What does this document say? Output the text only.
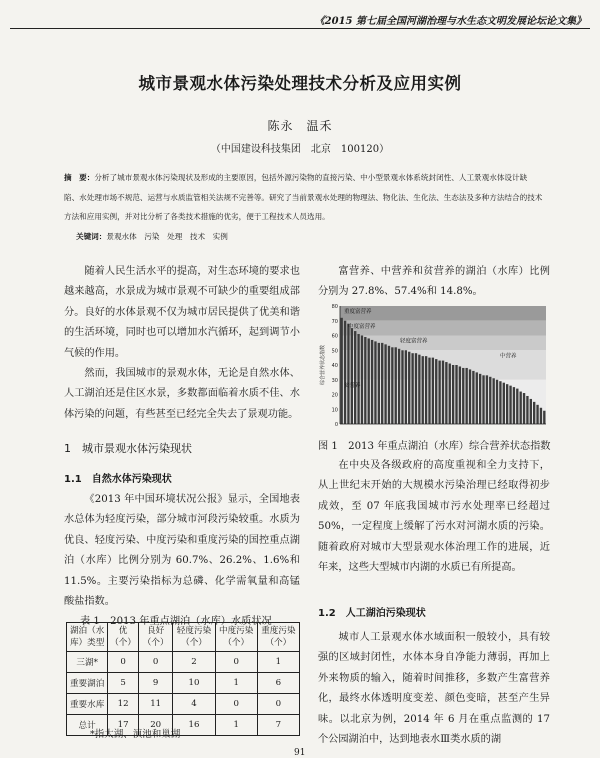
《2015 第七届全国河湖治理与水生态文明发展论坛论文集》
城市景观水体污染处理技术分析及应用实例
陈永　温禾
（中国建设科技集团　北京　100120）
摘　要：分析了城市景观水体污染现状及形成的主要原因，包括外源污染物的直接污染、中小型景观水体系统封闭性、人工景观水体设计缺
陷、水处理市场不规范、运营与水质监管相关法规不完善等。研究了当前景观水处理的物理法、物化法、生化法、生态法及多种方法结合的技术
方法和应用实例，并对比分析了各类技术措施的优劣，便于工程技术人员选用。
关键词：景观水体　污染　处理　技术　实例

随着人民生活水平的提高，对生态环境的要求也越来越高，水景成为城市景观不可缺少的重要组成部分。良好的水体景观不仅为城市居民提供了优美和谐的生活环境，同时也可以增加水汽循环，起到调节小气候的作用。

然而，我国城市的景观水体，无论是自然水体、人工湖泊还是住区水景，多数都面临着水质不佳、水体污染的问题，有些甚至已经完全失去了景观功能。

1　城市景观水体污染现状
1.1　自然水体污染现状

《2013 年中国环境状况公报》显示，全国地表水总体为轻度污染，部分城市河段污染较重。水质为优良、轻度污染、中度污染和重度污染的国控重点湖泊（水库）比例分别为 60.7%、26.2%、1.6%和 11.5%。主要污染指标为总磷、化学需氧量和高锰酸盐指数。

表 1　2013 年重点湖泊（水库）水质状况
湖泊（水库）类型	优（个）	良好（个）	轻度污染（个）	中度污染（个）	重度污染（个）
三湖*	0	0	2	0	1
重要湖泊	5	9	10	1	6
重要水库	12	11	4	0	0
总计	17	20	16	1	7
*指太湖、滇池和巢湖

富营养、中营养和贫营养的湖泊（水库）比例分别为 27.8%、57.4%和 14.8%。

0
10
20
30
40
50
60
70
80
综合营养状态指数
重度富营养
中度富营养
轻度富营养
中营养
贫营养
图 1　2013 年重点湖泊（水库）综合营养状态指数

在中央及各级政府的高度重视和全力支持下，从上世纪末开始的大规模水污染治理已经取得初步成效，至 07 年底我国城市污水处理率已经超过 50%，一定程度上缓解了污水对河湖水质的污染。随着政府对城市大型景观水体治理工作的进展，近年来，这些大型城市内湖的水质已有所提高。

1.2　人工湖泊污染现状

城市人工景观水体水域面积一般较小，具有较强的区域封闭性，水体本身自净能力薄弱，再加上外来物质的输入，随着时间推移，多数产生富营养化，最终水体透明度变差、颜色变暗，甚至产生异味。以北京为例，2014 年 6 月在重点监测的 17 个公园湖泊中，达到地表水Ⅲ类水质的湖

91
